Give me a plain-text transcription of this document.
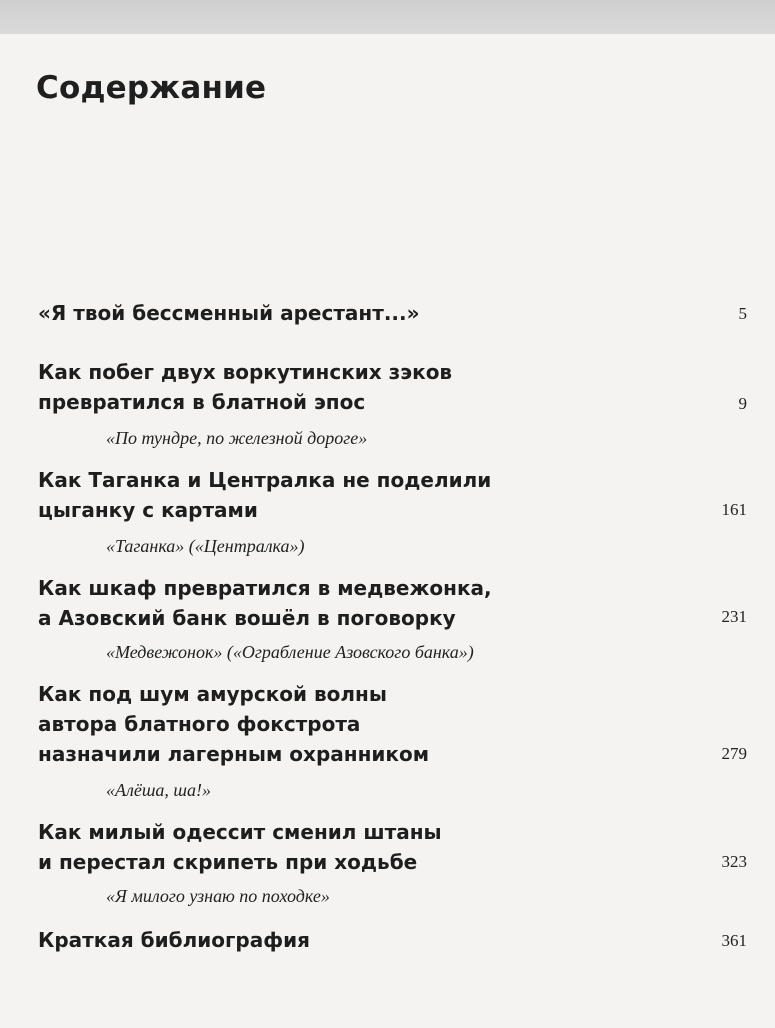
Содержание
«Я твой бессменный арестант...»	5
Как побег двух воркутинских зэков
превратился в блатной эпос	9
«По тундре, по железной дороге»
Как Таганка и Централка не поделили
цыганку с картами	161
«Таганка» («Централка»)
Как шкаф превратился в медвежонка,
а Азовский банк вошёл в поговорку	231
«Медвежонок» («Ограбление Азовского банка»)
Как под шум амурской волны
автора блатного фокстрота
назначили лагерным охранником	279
«Алёша, ша!»
Как милый одессит сменил штаны
и перестал скрипеть при ходьбе	323
«Я милого узнаю по походке»
Краткая библиография	361
